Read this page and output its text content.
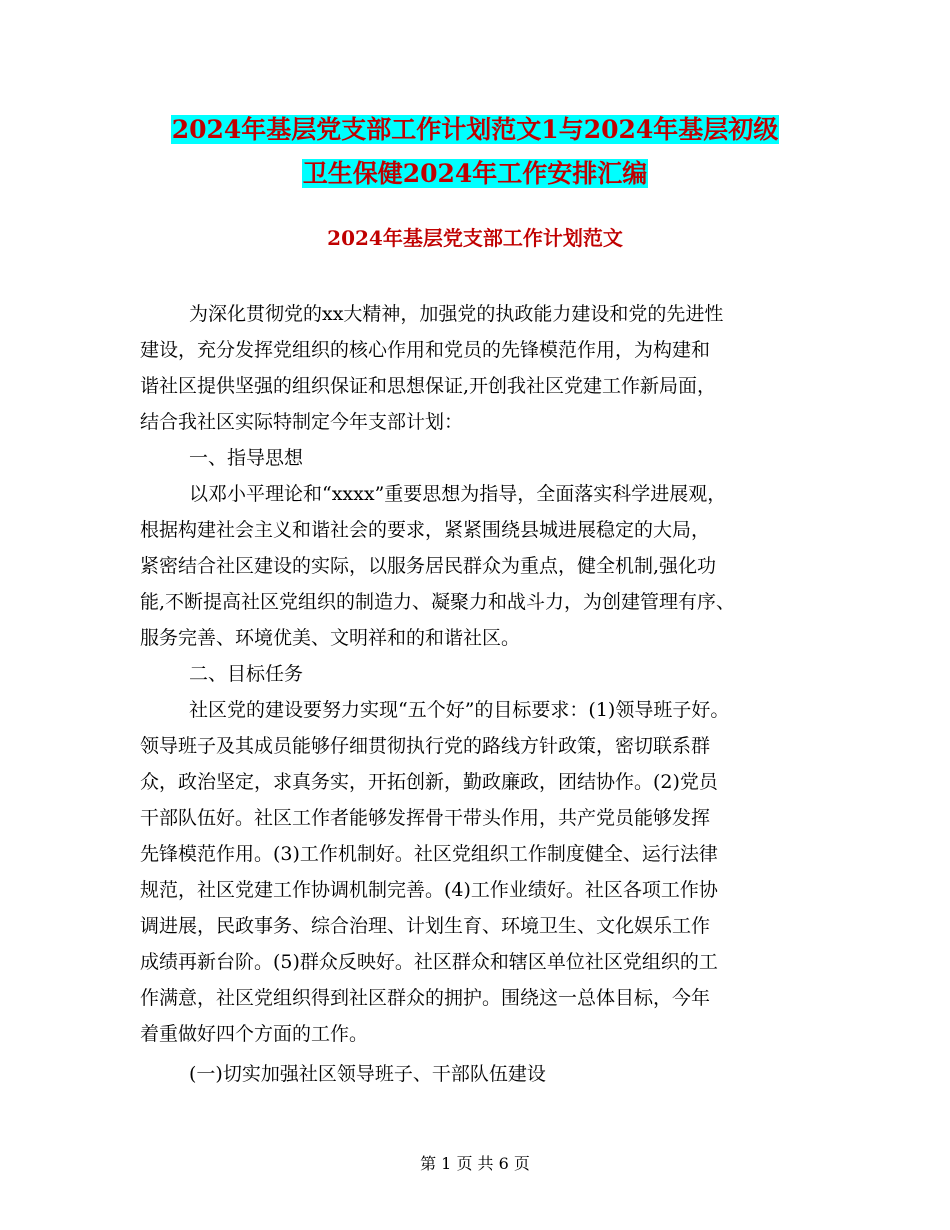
2024年基层党支部工作计划范文1与2024年基层初级
卫生保健2024年工作安排汇编
2024年基层党支部工作计划范文
为深化贯彻党的xx大精神，加强党的执政能力建设和党的先进性
建设，充分发挥党组织的核心作用和党员的先锋模范作用，为构建和
谐社区提供坚强的组织保证和思想保证,开创我社区党建工作新局面，
结合我社区实际特制定今年支部计划：
一、指导思想
以邓小平理论和“xxxx”重要思想为指导，全面落实科学进展观，
根据构建社会主义和谐社会的要求，紧紧围绕县城进展稳定的大局，
紧密结合社区建设的实际，以服务居民群众为重点，健全机制,强化功
能,不断提高社区党组织的制造力、凝聚力和战斗力，为创建管理有序、
服务完善、环境优美、文明祥和的和谐社区。
二、目标任务
社区党的建设要努力实现“五个好”的目标要求：(1)领导班子好。
领导班子及其成员能够仔细贯彻执行党的路线方针政策，密切联系群
众，政治坚定，求真务实，开拓创新，勤政廉政，团结协作。(2)党员
干部队伍好。社区工作者能够发挥骨干带头作用，共产党员能够发挥
先锋模范作用。(3)工作机制好。社区党组织工作制度健全、运行法律
规范，社区党建工作协调机制完善。(4)工作业绩好。社区各项工作协
调进展，民政事务、综合治理、计划生育、环境卫生、文化娱乐工作
成绩再新台阶。(5)群众反映好。社区群众和辖区单位社区党组织的工
作满意，社区党组织得到社区群众的拥护。围绕这一总体目标，今年
着重做好四个方面的工作。
(一)切实加强社区领导班子、干部队伍建设
第 1 页 共 6 页
